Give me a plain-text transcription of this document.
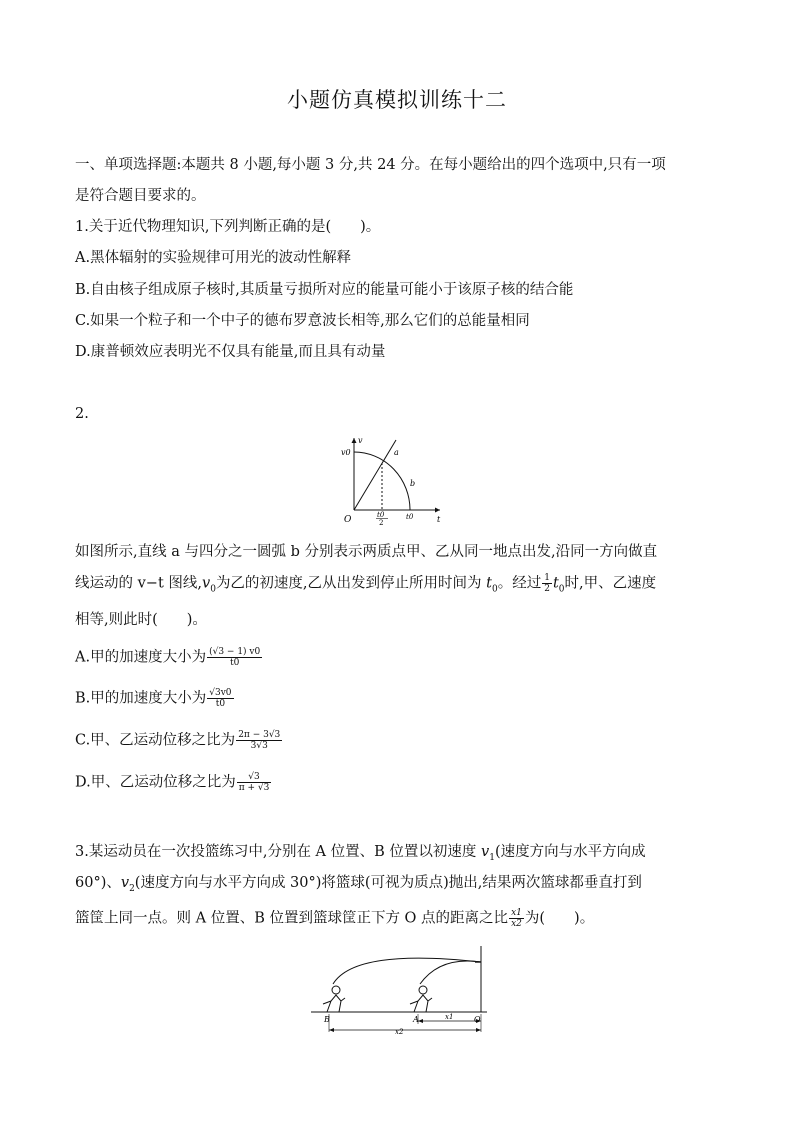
小题仿真模拟训练十二
一、单项选择题:本题共 8 小题,每小题 3 分,共 24 分。在每小题给出的四个选项中,只有一项
是符合题目要求的。
1.关于近代物理知识,下列判断正确的是(　　)。
A.黑体辐射的实验规律可用光的波动性解释
B.自由核子组成原子核时,其质量亏损所对应的能量可能小于该原子核的结合能
C.如果一个粒子和一个中子的德布罗意波长相等,那么它们的总能量相同
D.康普顿效应表明光不仅具有能量,而且具有动量
2.
O
v
t
v0	a
b
t0
2
t0
如图所示,直线 a 与四分之一圆弧 b 分别表示两质点甲、乙从同一地点出发,沿同一方向做直
线运动的 v−t 图线$,v_0$为乙的初速度,乙从出发到停止所用时间为 $t_0$。经过 $\frac{1}{2} t_0$时,甲、乙速度
相等,则此时(　　)。
A.甲的加速度大小为 $\frac{(√3 - 1) v0}{t0}$
B.甲的加速度大小为 $\frac{√3v0}{t0}$
C.甲、乙运动位移之比为 $\frac{2\pi - 3√3}{3√3}$
D.甲、乙运动位移之比为 $\frac{√3}{\pi + √3}$
3.某运动员在一次投篮练习中,分别在 A 位置、B 位置以初速度 $v_1$(速度方向与水平方向成
60°)、$v_2$(速度方向与水平方向成 30°)将篮球(可视为质点)抛出,结果两次篮球都垂直打到
篮筐上同一点。则 A 位置、B 位置到篮球筐正下方 O 点的距离之比 $\frac{x1}{x2}$ 为(　　)。
B	A	O
x1
x2
